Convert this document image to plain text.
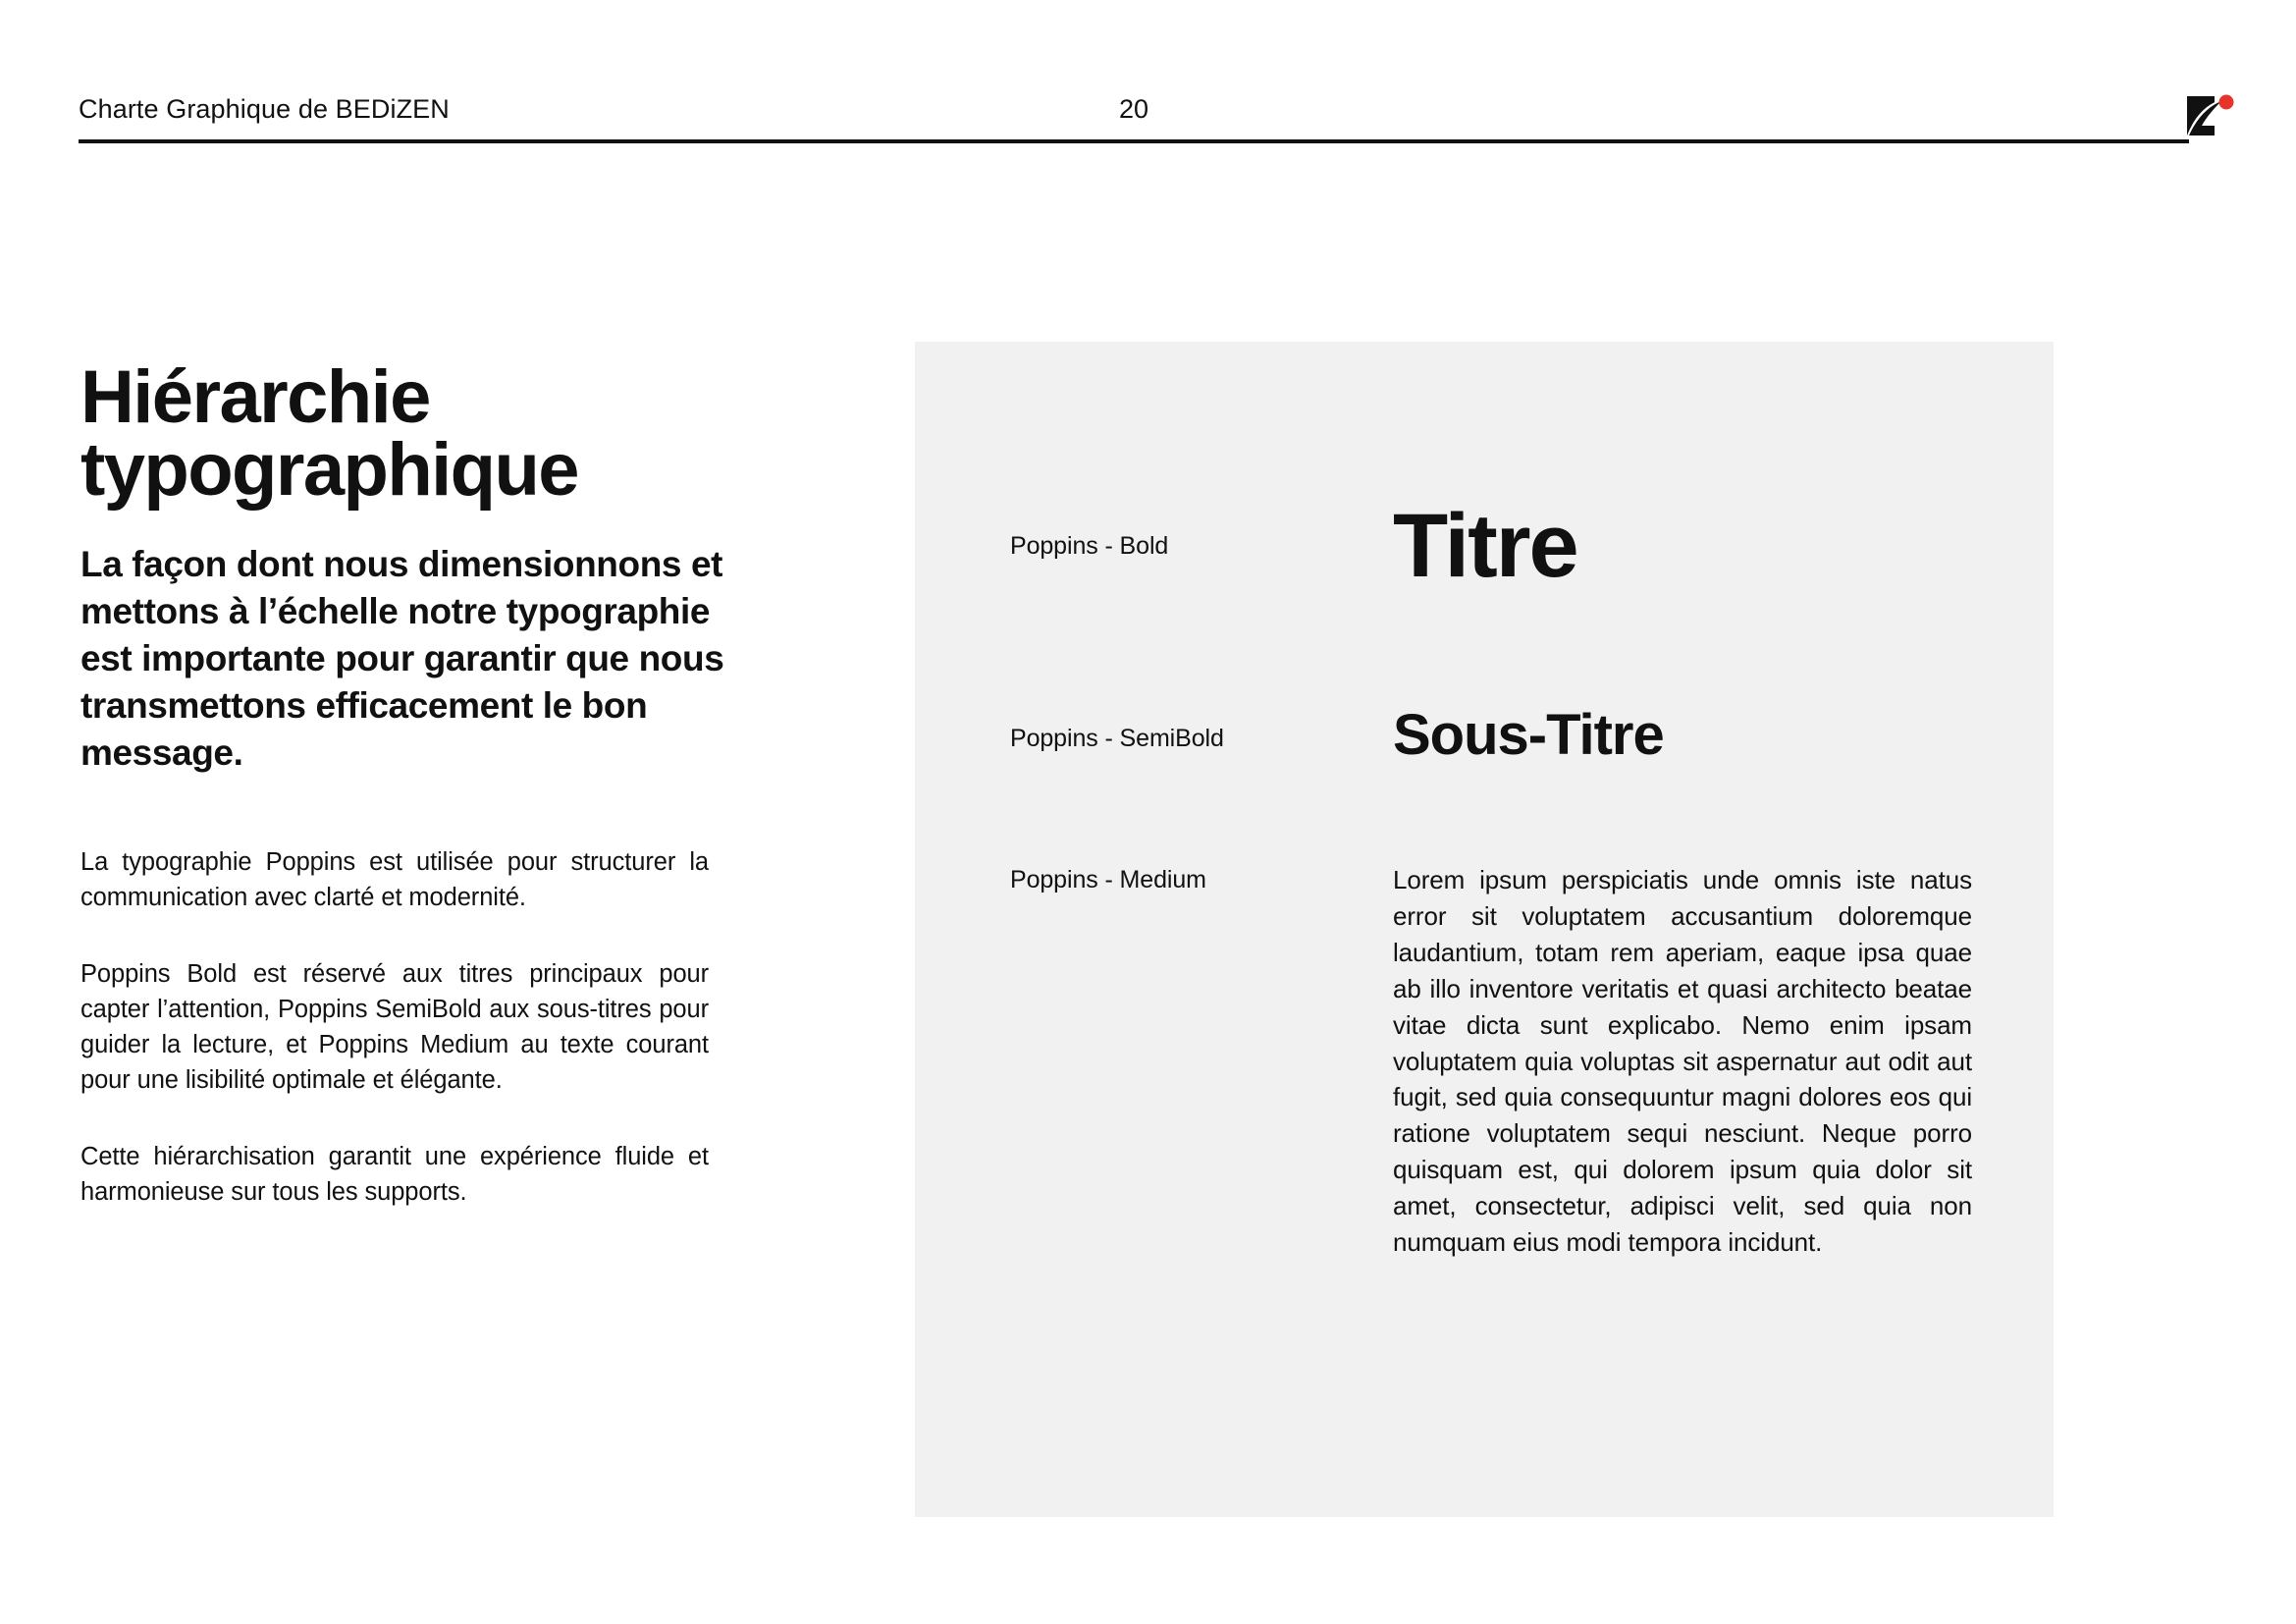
Charte Graphique de BEDiZEN	20
Hiérarchie typographique

La façon dont nous dimensionnons et mettons à l’échelle notre typographie est importante pour garantir que nous transmettons efficacement le bon message.

La typographie Poppins est utilisée pour structurer la communication avec clarté et modernité.

Poppins Bold est réservé aux titres principaux pour capter l’attention, Poppins SemiBold aux sous-titres pour guider la lecture, et Poppins Medium au texte courant pour une lisibilité optimale et élégante.

Cette hiérarchisation garantit une expérience fluide et harmonieuse sur tous les supports.

Poppins - Bold	Titre
Poppins - SemiBold	Sous-Titre
Poppins - Medium	Lorem ipsum perspiciatis unde omnis iste natus error sit voluptatem accusantium doloremque laudantium, totam rem aperiam, eaque ipsa quae ab illo inventore veritatis et quasi architecto beatae vitae dicta sunt explicabo. Nemo enim ipsam voluptatem quia voluptas sit aspernatur aut odit aut fugit, sed quia consequuntur magni dolores eos qui ratione voluptatem sequi nesciunt. Neque porro quisquam est, qui dolorem ipsum quia dolor sit amet, consectetur, adipisci velit, sed quia non numquam eius modi tempora incidunt.
